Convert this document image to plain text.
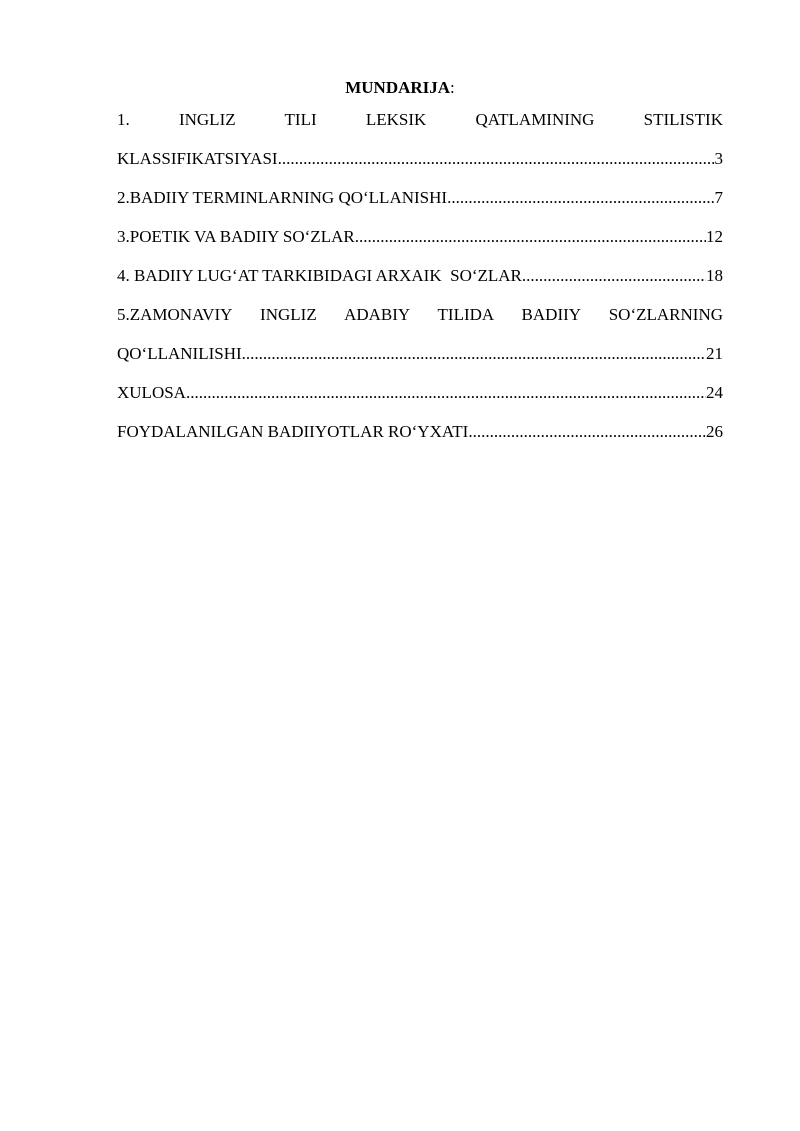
MUNDARIJA:
1. INGLIZ TILI LEKSIK QATLAMINING STILISTIK
KLASSIFIKATSIYASI .....	3
2.BADIIY TERMINLARNING QO‘LLANISHI .....	7
3.POETIK VA BADIIY SO‘ZLAR .....	12
4. BADIIY LUG‘AT TARKIBIDAGI ARXAIK  SO‘ZLAR .....	18
5.ZAMONAVIY INGLIZ ADABIY TILIDA BADIIY SO‘ZLARNING
QO‘LLANILISHI .....	21
XULOSA .....	24
FOYDALANILGAN BADIIYOTLAR RO‘YXATI .....	26
